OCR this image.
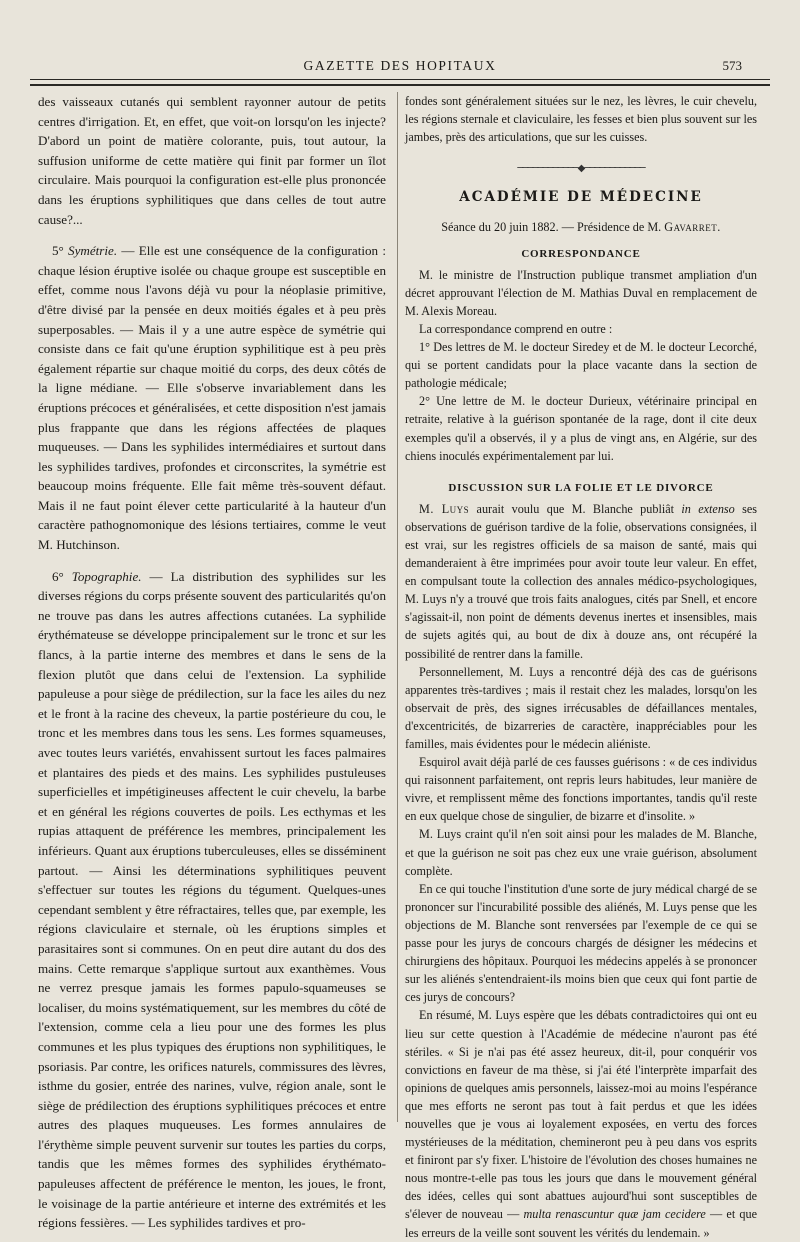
GAZETTE DES HOPITAUX	573

des vaisseaux cutanés qui semblent rayonner autour de petits centres d'irrigation. Et, en effet, que voit-on lorsqu'on les injecte? D'abord un point de matière colorante, puis, tout autour, la suffusion uniforme de cette matière qui finit par former un îlot circulaire. Mais pourquoi la configuration est-elle plus prononcée dans les éruptions syphilitiques que dans celles de tout autre cause?...

5° Symétrie. — Elle est une conséquence de la configuration : chaque lésion éruptive isolée ou chaque groupe est susceptible en effet, comme nous l'avons déjà vu pour la néoplasie primitive, d'être divisé par la pensée en deux moitiés égales et à peu près superposables. — Mais il y a une autre espèce de symétrie qui consiste dans ce fait qu'une éruption syphilitique est à peu près également répartie sur chaque moitié du corps, des deux côtés de la ligne médiane. — Elle s'observe invariablement dans les éruptions précoces et généralisées, et cette disposition n'est jamais plus frappante que dans les régions affectées de plaques muqueuses. — Dans les syphilides intermédiaires et surtout dans les syphilides tardives, profondes et circonscrites, la symétrie est beaucoup moins fréquente. Elle fait même très-souvent défaut. Mais il ne faut point élever cette particularité à la hauteur d'un caractère pathognomonique des lésions tertiaires, comme le veut M. Hutchinson.

6° Topographie. — La distribution des syphilides sur les diverses régions du corps présente souvent des particularités qu'on ne trouve pas dans les autres affections cutanées. La syphilide érythémateuse se développe principalement sur le tronc et sur les flancs, à la partie interne des membres et dans le sens de la flexion plutôt que dans celui de l'extension. La syphilide papuleuse a pour siège de prédilection, sur la face les ailes du nez et le front à la racine des cheveux, la partie postérieure du cou, le tronc et les membres dans tous les sens. Les formes squameuses, avec toutes leurs variétés, envahissent surtout les faces palmaires et plantaires des pieds et des mains. Les syphilides pustuleuses superficielles et impétigineuses affectent le cuir chevelu, la barbe et en général les régions couvertes de poils. Les ecthymas et les rupias attaquent de préférence les membres, principalement les inférieurs. Quant aux éruptions tuberculeuses, elles se disséminent partout. — Ainsi les déterminations syphilitiques peuvent s'effectuer sur toutes les régions du tégument. Quelques-unes cependant semblent y être réfractaires, telles que, par exemple, les régions claviculaire et sternale, où les éruptions simples et parasitaires sont si communes. On en peut dire autant du dos des mains. Cette remarque s'applique surtout aux exanthèmes. Vous ne verrez presque jamais les formes papulo-squameuses se localiser, du moins systématiquement, sur les membres du côté de l'extension, comme cela a lieu pour une des formes les plus communes et les plus typiques des éruptions non syphilitiques, le psoriasis. Par contre, les orifices naturels, commissures des lèvres, isthme du gosier, entrée des narines, vulve, région anale, sont le siège de prédilection des éruptions syphilitiques précoces et entre autres des plaques muqueuses. Les formes annulaires de l'érythème simple peuvent survenir sur toutes les parties du corps, tandis que les mêmes formes des syphilides érythémato-papuleuses affectent de préférence le menton, les joues, le front, le voisinage de la partie antérieure et interne des extrémités et les régions fessières. — Les syphilides tardives et pro-

fondes sont généralement situées sur le nez, les lèvres, le cuir chevelu, les régions sternale et claviculaire, les fesses et bien plus souvent sur les jambes, près des articulations, que sur les cuisses.

────────────◆────────────
ACADÉMIE DE MÉDECINE
Séance du 20 juin 1882. — Présidence de M. Gavarret.
CORRESPONDANCE

M. le ministre de l'Instruction publique transmet ampliation d'un décret approuvant l'élection de M. Mathias Duval en remplacement de M. Alexis Moreau.

La correspondance comprend en outre :

1° Des lettres de M. le docteur Siredey et de M. le docteur Lecorché, qui se portent candidats pour la place vacante dans la section de pathologie médicale;

2° Une lettre de M. le docteur Durieux, vétérinaire principal en retraite, relative à la guérison spontanée de la rage, dont il cite deux exemples qu'il a observés, il y a plus de vingt ans, en Algérie, sur des chiens inoculés expérimentalement par lui.

DISCUSSION SUR LA FOLIE ET LE DIVORCE

M. Luys aurait voulu que M. Blanche publiât in extenso ses observations de guérison tardive de la folie, observations consignées, il est vrai, sur les registres officiels de sa maison de santé, mais qui demanderaient à être imprimées pour avoir toute leur valeur. En effet, en compulsant toute la collection des annales médico-psychologiques, M. Luys n'y a trouvé que trois faits analogues, cités par Snell, et encore s'agissait-il, non point de déments devenus inertes et insensibles, mais de sujets agités qui, au bout de dix à douze ans, ont récupéré la possibilité de rentrer dans la famille.

Personnellement, M. Luys a rencontré déjà des cas de guérisons apparentes très-tardives ; mais il restait chez les malades, lorsqu'on les observait de près, des signes irrécusables de défaillances mentales, d'excentricités, de bizarreries de caractère, inappréciables pour les familles, mais évidentes pour le médecin aliéniste.

Esquirol avait déjà parlé de ces fausses guérisons : « de ces individus qui raisonnent parfaitement, ont repris leurs habitudes, leur manière de vivre, et remplissent même des fonctions importantes, tandis qu'il reste en eux quelque chose de singulier, de bizarre et d'insolite. »

M. Luys craint qu'il n'en soit ainsi pour les malades de M. Blanche, et que la guérison ne soit pas chez eux une vraie guérison, absolument complète.

En ce qui touche l'institution d'une sorte de jury médical chargé de se prononcer sur l'incurabilité possible des aliénés, M. Luys pense que les objections de M. Blanche sont renversées par l'exemple de ce qui se passe pour les jurys de concours chargés de désigner les médecins et chirurgiens des hôpitaux. Pourquoi les médecins appelés à se prononcer sur les aliénés s'entendraient-ils moins bien que ceux qui font partie de ces jurys de concours?

En résumé, M. Luys espère que les débats contradictoires qui ont eu lieu sur cette question à l'Académie de médecine n'auront pas été stériles. « Si je n'ai pas été assez heureux, dit-il, pour conquérir vos convictions en faveur de ma thèse, si j'ai été l'interprète imparfait des opinions de quelques amis personnels, laissez-moi au moins l'espérance que mes efforts ne seront pas tout à fait perdus et que les idées nouvelles que je vous ai loyalement exposées, en vertu des forces mystérieuses de la méditation, chemineront peu à peu dans vos esprits et finiront par s'y fixer. L'histoire de l'évolution des choses humaines ne nous montre-t-elle pas tous les jours que dans le mouvement général des idées, celles qui sont abattues aujourd'hui sont susceptibles de s'élever de nouveau — multa renascuntur quæ jam cecidere — et que les erreurs de la veille sont souvent les vérités du lendemain. »
